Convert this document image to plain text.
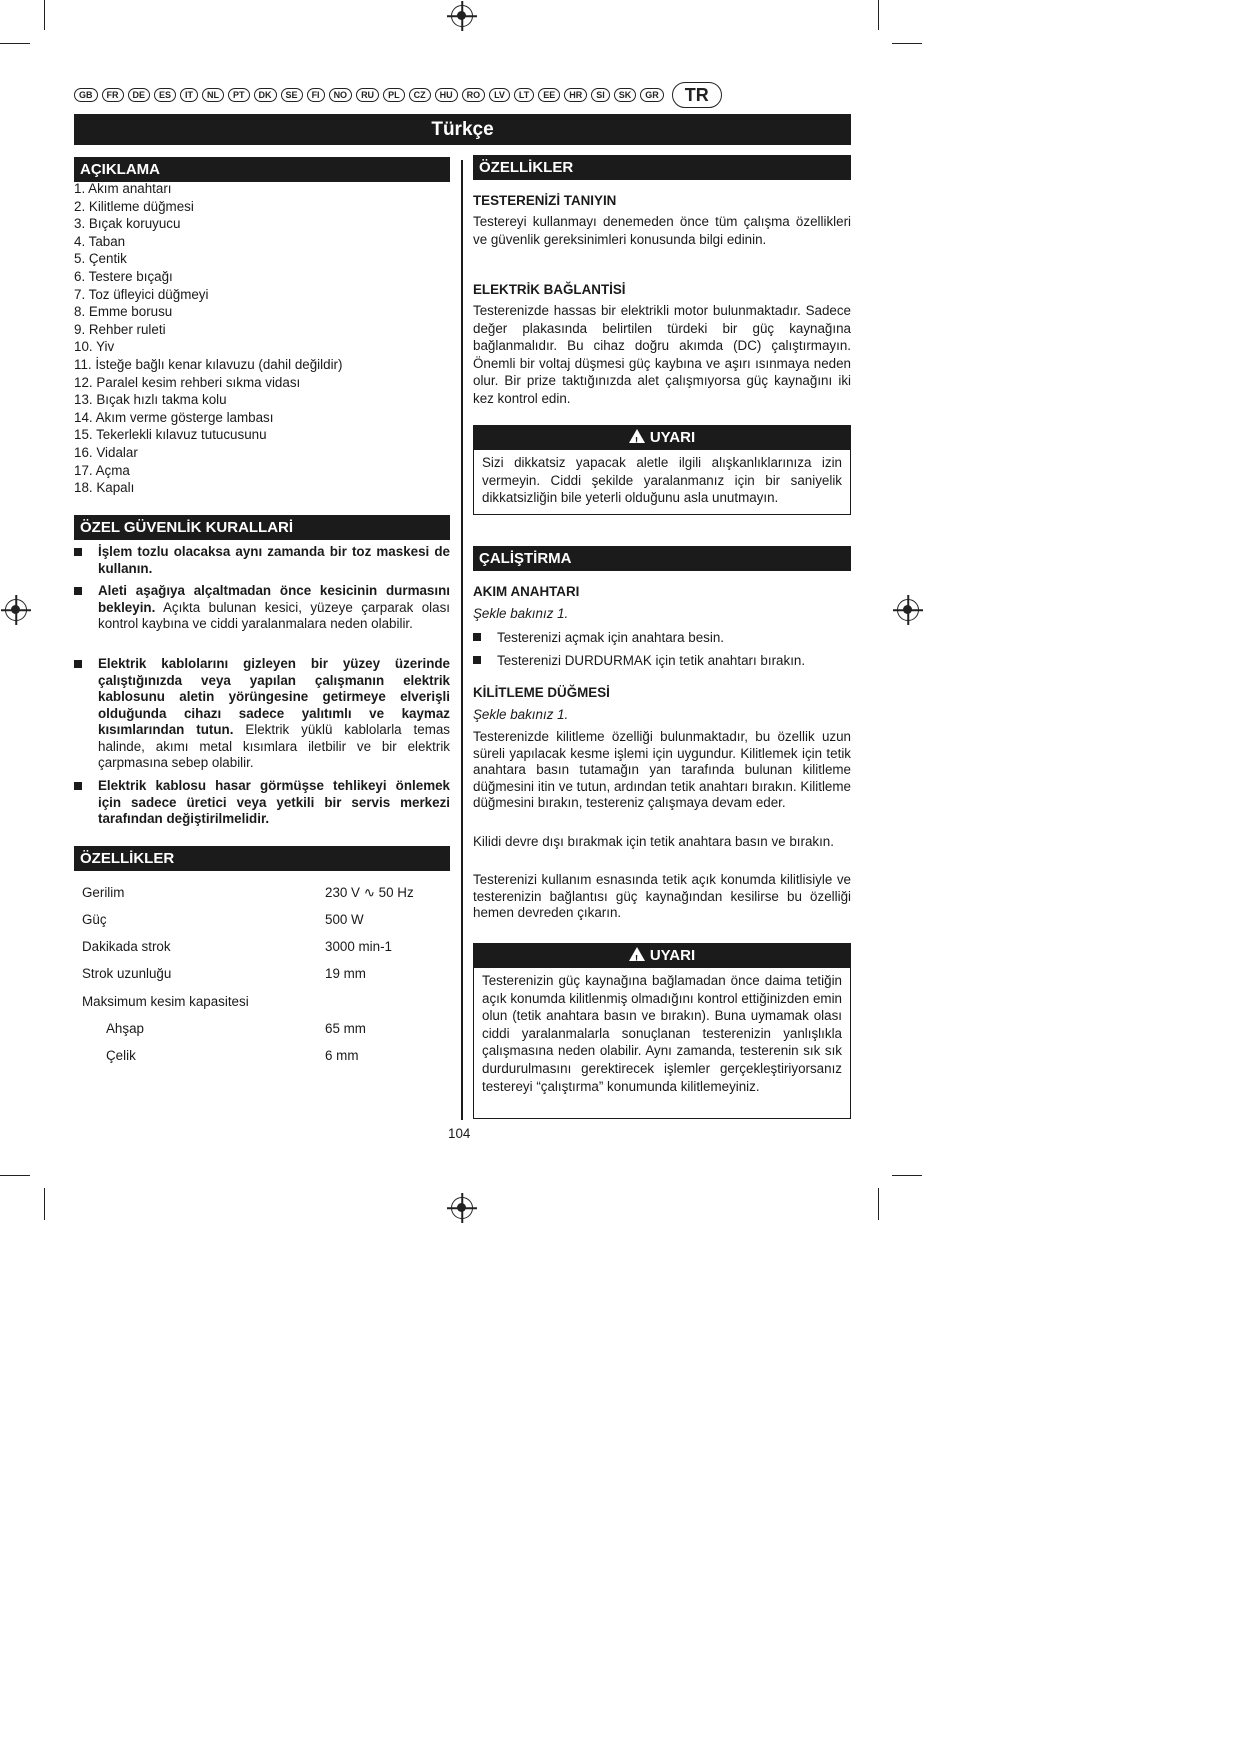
GB	FR	DE	ES	IT	NL	PT	DK	SE	FI	NO	RU	PL	CZ	HU	RO	LV	LT	EE	HR	SI	SK	GR	TR
Türkçe
AÇIKLAMA
1. Akım anahtarı
2. Kilitleme düğmesi
3. Bıçak koruyucu
4. Taban
5. Çentik
6. Testere bıçağı
7. Toz üfleyici düğmeyi
8. Emme borusu
9. Rehber ruleti
10. Yiv
11. İsteğe bağlı kenar kılavuzu (dahil değildir)
12. Paralel kesim rehberi sıkma vidası
13. Bıçak hızlı takma kolu
14. Akım verme gösterge lambası
15. Tekerlekli kılavuz tutucusunu
16. Vidalar
17. Açma
18. Kapalı
ÖZEL GÜVENLİK KURALLARİ
İşlem tozlu olacaksa aynı zamanda bir toz maskesi de kullanın.
Aleti aşağıya alçaltmadan önce kesicinin durmasını bekleyin. Açıkta bulunan kesici, yüzeye çarparak olası kontrol kaybına ve ciddi yaralanmalara neden olabilir.
Elektrik kablolarını gizleyen bir yüzey üzerinde çalıştığınızda veya yapılan çalışmanın elektrik kablosunu aletin yörüngesine getirmeye elverişli olduğunda cihazı sadece yalıtımlı ve kaymaz kısımlarından tutun. Elektrik yüklü kablolarla temas halinde, akımı metal kısımlara iletbilir ve bir elektrik çarpmasına sebep olabilir.
Elektrik kablosu hasar görmüşse tehlikeyi önlemek için sadece üretici veya yetkili bir servis merkezi tarafından değiştirilmelidir.
ÖZELLİKLER
Gerilim	230 V ∿ 50 Hz
Güç	500 W
Dakikada strok	3000 min-1
Strok uzunluğu	19 mm
Maksimum kesim kapasitesi
Ahşap	65 mm
Çelik	6 mm
ÖZELLİKLER
TESTERENİZİ TANIYIN
Testereyi kullanmayı denemeden önce tüm çalışma özellikleri ve güvenlik gereksinimleri konusunda bilgi edinin.
ELEKTRİK BAĞLANTİSİ
Testerenizde hassas bir elektrikli motor bulunmaktadır. Sadece değer plakasında belirtilen türdeki bir güç kaynağına bağlanmalıdır. Bu cihaz doğru akımda (DC) çalıştırmayın. Önemli bir voltaj düşmesi güç kaybına ve aşırı ısınmaya neden olur. Bir prize taktığınızda alet çalışmıyorsa güç kaynağını iki kez kontrol edin.
!UYARI
Sizi dikkatsiz yapacak aletle ilgili alışkanlıklarınıza izin vermeyin. Ciddi şekilde yaralanmanız için bir saniyelik dikkatsizliğin bile yeterli olduğunu asla unutmayın.
ÇALİŞTİRMA
AKIM ANAHTARI
Şekle bakınız 1.
Testerenizi açmak için anahtara besin.
Testerenizi DURDURMAK için tetik anahtarı bırakın.
KİLİTLEME DÜĞMESİ
Şekle bakınız 1.
Testerenizde kilitleme özelliği bulunmaktadır, bu özellik uzun süreli yapılacak kesme işlemi için uygundur. Kilitlemek için tetik anahtara basın tutamağın yan tarafında bulunan kilitleme düğmesini itin ve tutun, ardından tetik anahtarı bırakın. Kilitleme düğmesini bırakın, testereniz çalışmaya devam eder.
Kilidi devre dışı bırakmak için tetik anahtara basın ve bırakın.
Testerenizi kullanım esnasında tetik açık konumda kilitlisiyle ve testerenizin bağlantısı güç kaynağından kesilirse bu özelliği hemen devreden çıkarın.
!UYARI
Testerenizin güç kaynağına bağlamadan önce daima tetiğin açık konumda kilitlenmiş olmadığını kontrol ettiğinizden emin olun (tetik anahtara basın ve bırakın). Buna uymamak olası ciddi yaralanmalarla sonuçlanan testerenizin yanlışlıkla çalışmasına neden olabilir. Aynı zamanda, testerenin sık sık durdurulmasını gerektirecek işlemler gerçekleştiriyorsanız testereyi “çalıştırma” konumunda kilitlemeyiniz.
104
